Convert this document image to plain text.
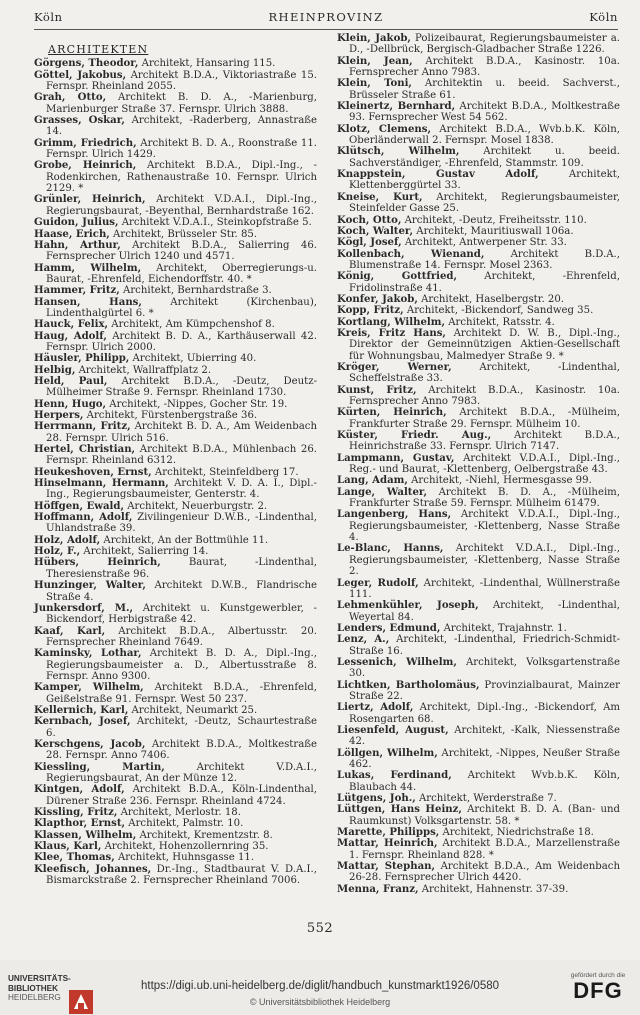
Köln	RHEINPROVINZ	Köln
ARCHITEKTEN

Görgens, Theodor, Architekt, Hansaring 115.

Göttel, Jakobus, Architekt B.D.A., Viktoriastraße 15. Fernspr. Rheinland 2055.

Grah, Otto, Architekt B. D. A., -Marienburg, Marienburger Straße 37. Fernspr. Ulrich 3888.

Grasses, Oskar, Architekt, -Raderberg, Annastraße 14.

Grimm, Friedrich, Architekt B. D. A., Roonstraße 11. Fernspr. Ulrich 1429.

Grobe, Heinrich, Architekt B.D.A., Dipl.-Ing., -Rodenkirchen, Rathenaustraße 10. Fernspr. Ulrich 2129. *

Grünler, Heinrich, Architekt V.D.A.I., Dipl.-Ing., Regierungsbaurat, -Beyenthal, Bernhardstraße 162.

Guidon, Julius, Architekt V.D.A.I., Steinkopfstraße 5.

Haase, Erich, Architekt, Brüsseler Str. 85.

Hahn, Arthur, Architekt B.D.A., Salierring 46. Fernsprecher Ulrich 1240 und 4571.

Hamm, Wilhelm, Architekt, Oberregierungs-u. Baurat, -Ehrenfeld, Eichendorffstr. 40. *

Hammer, Fritz, Architekt, Bernhardstraße 3.

Hansen, Hans, Architekt (Kirchenbau), Lindenthalgürtel 6. *

Hauck, Felix, Architekt, Am Kümpchenshof 8.

Haug, Adolf, Architekt B. D. A., Karthäuserwall 42. Fernspr. Ulrich 2000.

Häusler, Philipp, Architekt, Ubierring 40.

Helbig, Architekt, Wallraffplatz 2.

Held, Paul, Architekt B.D.A., -Deutz, Deutz-Mülheimer Straße 9. Fernspr. Rheinland 1730.

Henn, Hugo, Architekt, -Nippes, Gocher Str. 19.

Herpers, Architekt, Fürstenbergstraße 36.

Herrmann, Fritz, Architekt B. D. A., Am Weidenbach 28. Fernspr. Ulrich 516.

Hertel, Christian, Architekt B.D.A., Mühlenbach 26. Fernspr. Rheinland 6312.

Heukeshoven, Ernst, Architekt, Steinfeldberg 17.

Hinselmann, Hermann, Architekt V. D. A. I., Dipl.-Ing., Regierungsbaumeister, Genterstr. 4.

Höffgen, Ewald, Architekt, Neuerburgstr. 2.

Hoffmann, Adolf, Zivilingenieur D.W.B., -Lindenthal, Uhlandstraße 39.

Holz, Adolf, Architekt, An der Bottmühle 11.

Holz, F., Architekt, Salierring 14.

Hübers, Heinrich, Baurat, -Lindenthal, Theresienstraße 96.

Hunzinger, Walter, Architekt D.W.B., Flandrische Straße 4.

Junkersdorf, M., Architekt u. Kunstgewerbler, -Bickendorf, Herbigstraße 42.

Kaaf, Karl, Architekt B.D.A., Albertusstr. 20. Fernsprecher Rheinland 7649.

Kaminsky, Lothar, Architekt B. D. A., Dipl.-Ing., Regierungsbaumeister a. D., Albertusstraße 8. Fernspr. Anno 9300.

Kamper, Wilhelm, Architekt B.D.A., -Ehrenfeld, Geißelstraße 91. Fernspr. West 50 237.

Kellernich, Karl, Architekt, Neumarkt 25.

Kernbach, Josef, Architekt, -Deutz, Schaurtestraße 6.

Kerschgens, Jacob, Architekt B.D.A., Moltkestraße 28. Fernspr. Anno 7406.

Kiessling, Martin, Architekt V.D.A.I., Regierungsbaurat, An der Münze 12.

Kintgen, Adolf, Architekt B.D.A., Köln-Lindenthal, Dürener Straße 236. Fernspr. Rheinland 4724.

Kissling, Fritz, Architekt, Merlostr. 18.

Klapthor, Ernst, Architekt, Palmstr. 10.

Klassen, Wilhelm, Architekt, Krementzstr. 8.

Klaus, Karl, Architekt, Hohenzollernring 35.

Klee, Thomas, Architekt, Huhnsgasse 11.

Kleefisch, Johannes, Dr.-Ing., Stadtbaurat V. D.A.I., Bismarckstraße 2. Fernsprecher Rheinland 7006.

Klein, Jakob, Polizeibaurat, Regierungsbaumeister a. D., -Dellbrück, Bergisch-Gladbacher Straße 1226.

Klein, Jean, Architekt B.D.A., Kasinostr. 10a. Fernsprecher Anno 7983.

Klein, Toni, Architektin u. beeid. Sachverst., Brüsseler Straße 61.

Kleinertz, Bernhard, Architekt B.D.A., Moltkestraße 93. Fernsprecher West 54 562.

Klotz, Clemens, Architekt B.D.A., Wvb.b.K. Köln, Oberländerwall 2. Fernspr. Mosel 1838.

Klütsch, Wilhelm, Architekt u. beeid. Sachverständiger, -Ehrenfeld, Stammstr. 109.

Knappstein, Gustav Adolf, Architekt, Klettenberggürtel 33.

Kneise, Kurt, Architekt, Regierungsbaumeister, Steinfelder Gasse 25.

Koch, Otto, Architekt, -Deutz, Freiheitsstr. 110.

Koch, Walter, Architekt, Mauritiuswall 106a.

Kögl, Josef, Architekt, Antwerpener Str. 33.

Kollenbach, Wienand, Architekt B.D.A., Blumenstraße 14. Fernspr. Mosel 2363.

König, Gottfried, Architekt, -Ehrenfeld, Fridolinstraße 41.

Konfer, Jakob, Architekt, Haselbergstr. 20.

Kopp, Fritz, Architekt, -Bickendorf, Sandweg 35.

Kortlang, Wilhelm, Architekt, Ratsstr. 4.

Kreis, Fritz Hans, Architekt D. W. B., Dipl.-Ing., Direktor der Gemeinnützigen Aktien-Gesellschaft für Wohnungsbau, Malmedyer Straße 9. *

Kröger, Werner, Architekt, -Lindenthal, Scheffelstraße 33.

Kunst, Fritz, Architekt B.D.A., Kasinostr. 10a. Fernsprecher Anno 7983.

Kürten, Heinrich, Architekt B.D.A., -Mülheim, Frankfurter Straße 29. Fernspr. Mülheim 10.

Küster, Friedr. Aug., Architekt B.D.A., Heinrichstraße 33. Fernspr. Ulrich 7147.

Lampmann, Gustav, Architekt V.D.A.I., Dipl.-Ing., Reg.- und Baurat, -Klettenberg, Oelbergstraße 43.

Lang, Adam, Architekt, -Niehl, Hermesgasse 99.

Lange, Walter, Architekt B. D. A., -Mülheim, Frankfurter Straße 59. Fernspr. Mülheim 61479.

Langenberg, Hans, Architekt V.D.A.I., Dipl.-Ing., Regierungsbaumeister, -Klettenberg, Nasse Straße 4.

Le-Blanc, Hanns, Architekt V.D.A.I., Dipl.-Ing., Regierungsbaumeister, -Klettenberg, Nasse Straße 2.

Leger, Rudolf, Architekt, -Lindenthal, Wüllnerstraße 111.

Lehmenkühler, Joseph, Architekt, -Lindenthal, Weyertal 84.

Lenders, Edmund, Architekt, Trajahnstr. 1.

Lenz, A., Architekt, -Lindenthal, Friedrich-Schmidt-Straße 16.

Lessenich, Wilhelm, Architekt, Volksgartenstraße 30.

Lichtken, Bartholomäus, Provinzialbaurat, Mainzer Straße 22.

Liertz, Adolf, Architekt, Dipl.-Ing., -Bickendorf, Am Rosengarten 68.

Liesenfeld, August, Architekt, -Kalk, Niessenstraße 42.

Löllgen, Wilhelm, Architekt, -Nippes, Neußer Straße 462.

Lukas, Ferdinand, Architekt Wvb.b.K. Köln, Blaubach 44.

Lütgens, Joh., Architekt, Werderstraße 7.

Lüttgen, Hans Heinz, Architekt B. D. A. (Ban- und Raumkunst) Volksgartenstr. 58. *

Marette, Philipps, Architekt, Niedrichstraße 18.

Mattar, Heinrich, Architekt B.D.A., Marzellenstraße 1. Fernspr. Rheinland 828. *

Mattar, Stephan, Architekt B.D.A., Am Weidenbach 26-28. Fernsprecher Ulrich 4420.

Menna, Franz, Architekt, Hahnenstr. 37-39.

552
UNIVERSITÄTS-
BIBLIOTHEK
HEIDELBERG
https://digi.ub.uni-heidelberg.de/diglit/handbuch_kunstmarkt1926/0580
© Universitätsbibliothek Heidelberg
gefördert durch die
DFG
